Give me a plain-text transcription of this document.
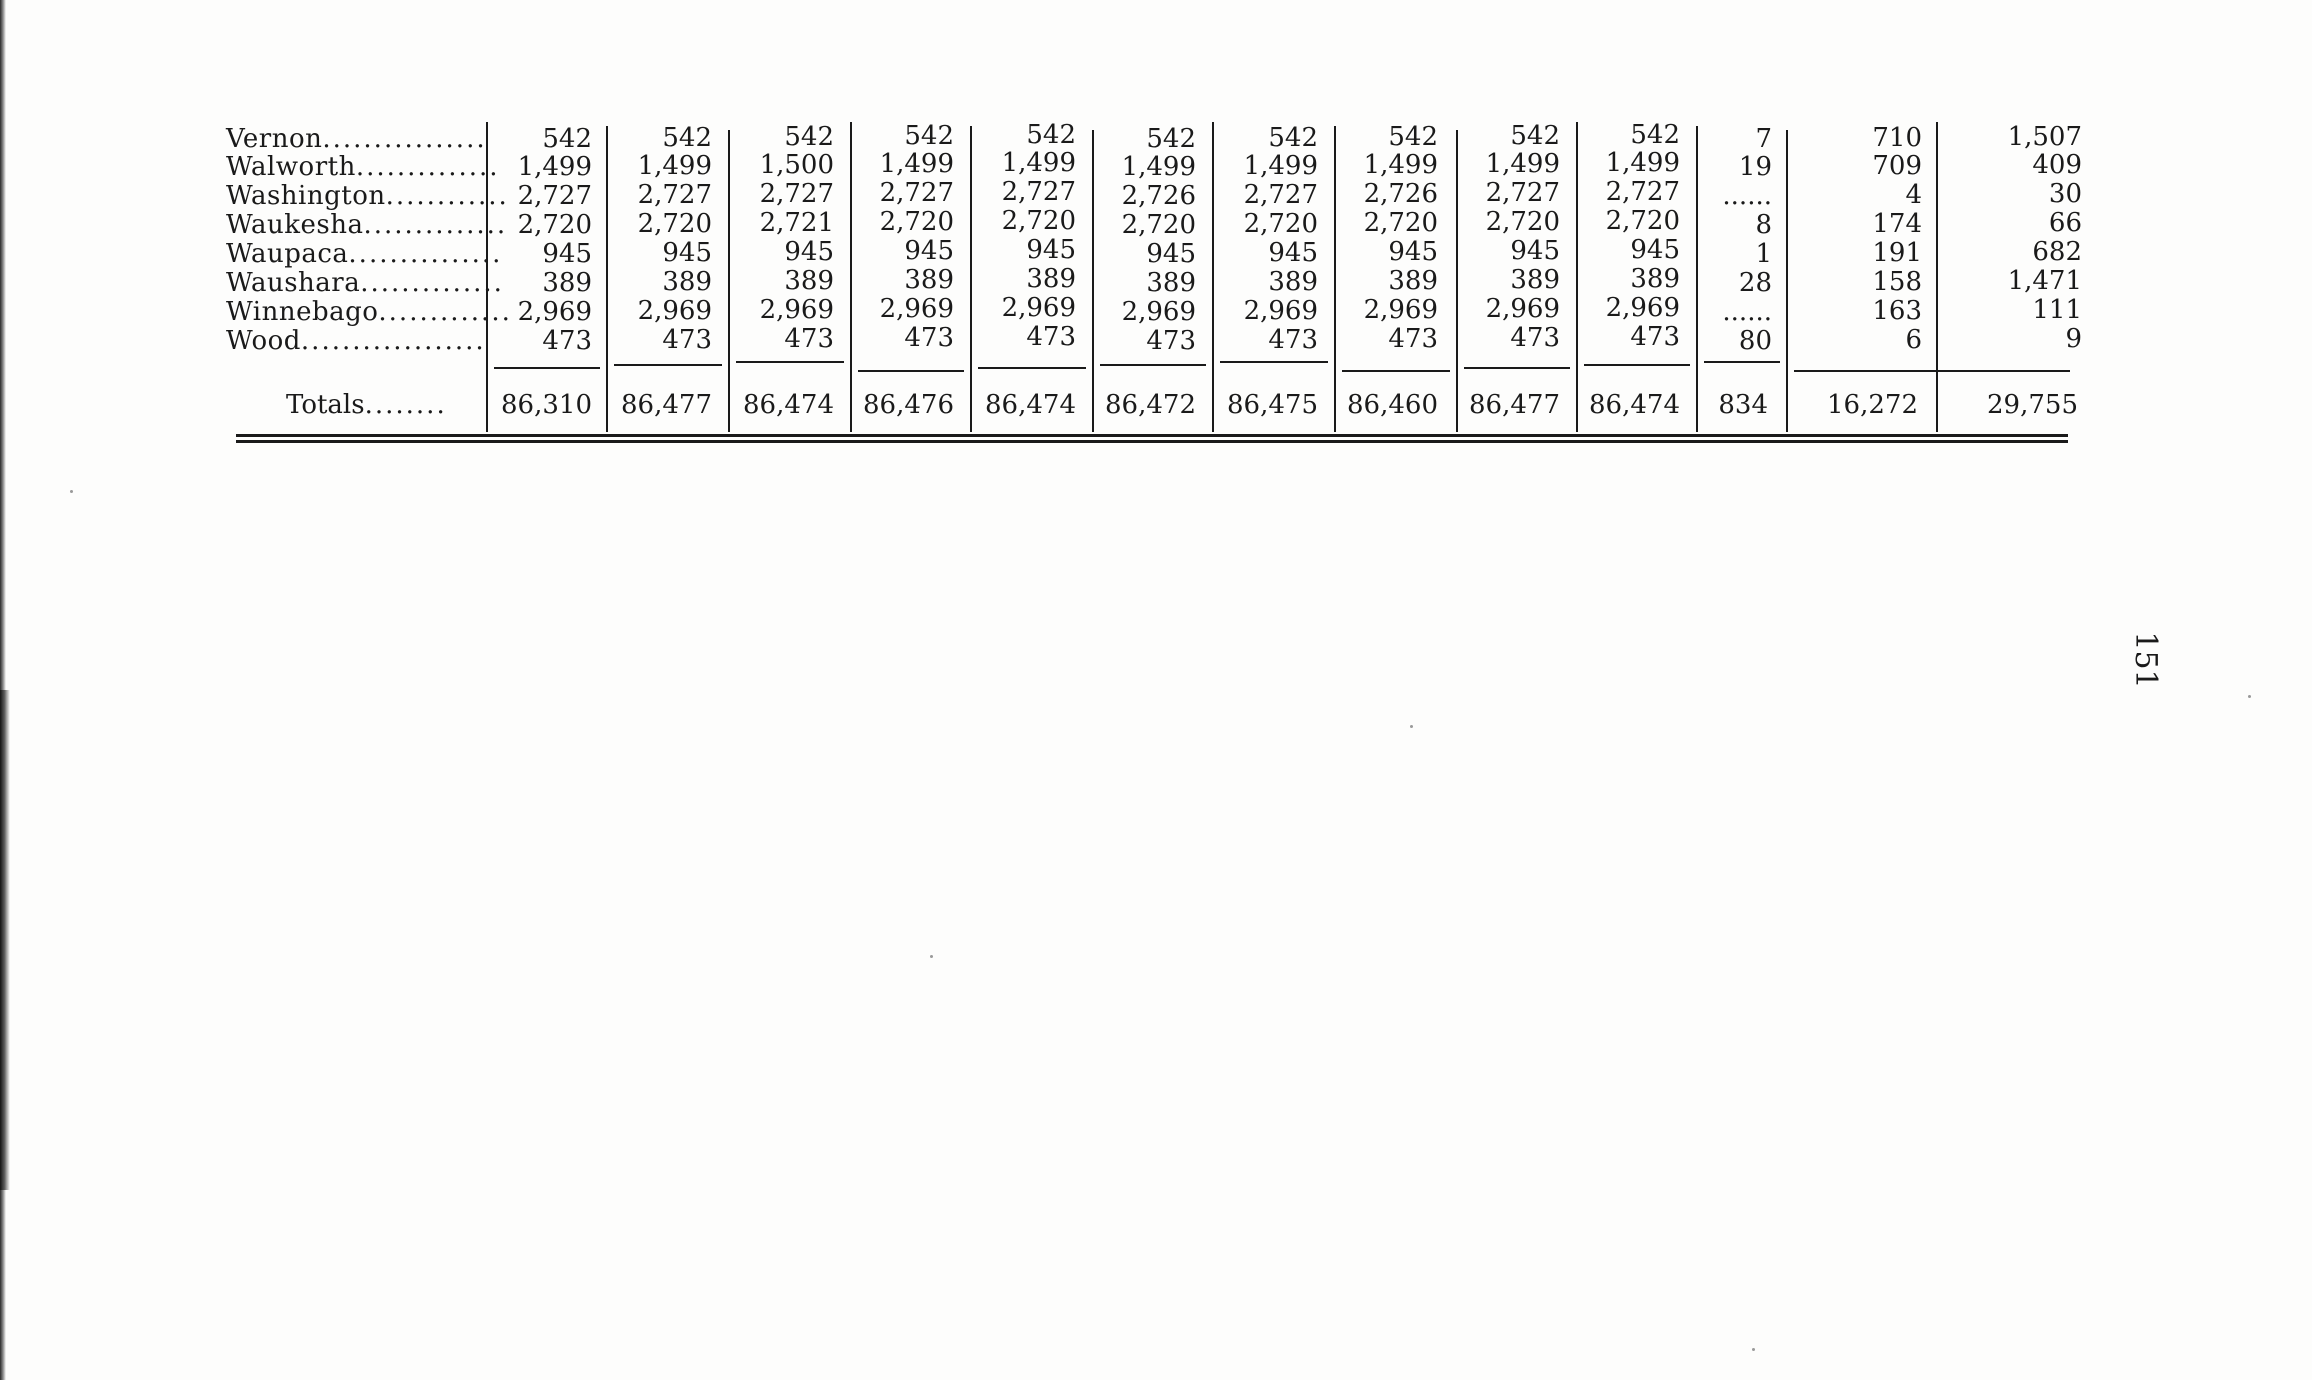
Vernon................	542	542	542	542	542	542	542	542	542	542	7	710	1,507
Walworth.............. 1,499	1,499	1,500	1,499	1,499	1,499	1,499	1,499	1,499	1,499	19	709	409
Washington............ 2,727	2,727	2,727	2,727	2,727	2,726	2,727	2,726	2,727	2,727	......	4	30
Waukesha.............. 2,720	2,720	2,721	2,720	2,720	2,720	2,720	2,720	2,720	2,720	8	174	66
Waupaca...............	945	945	945	945	945	945	945	945	945	945	1	191	682
Waushara..............	389	389	389	389	389	389	389	389	389	389	28	158	1,471
Winnebago............. 2,969	2,969	2,969	2,969	2,969	2,969	2,969	2,969	2,969	2,969	......	163	111
Wood..................	473	473	473	473	473	473	473	473	473	473	80	6	9
Totals........	86,310	86,477	86,474	86,476	86,474	86,472	86,475	86,460	86,477	86,474	834	16,272	29,755
151
